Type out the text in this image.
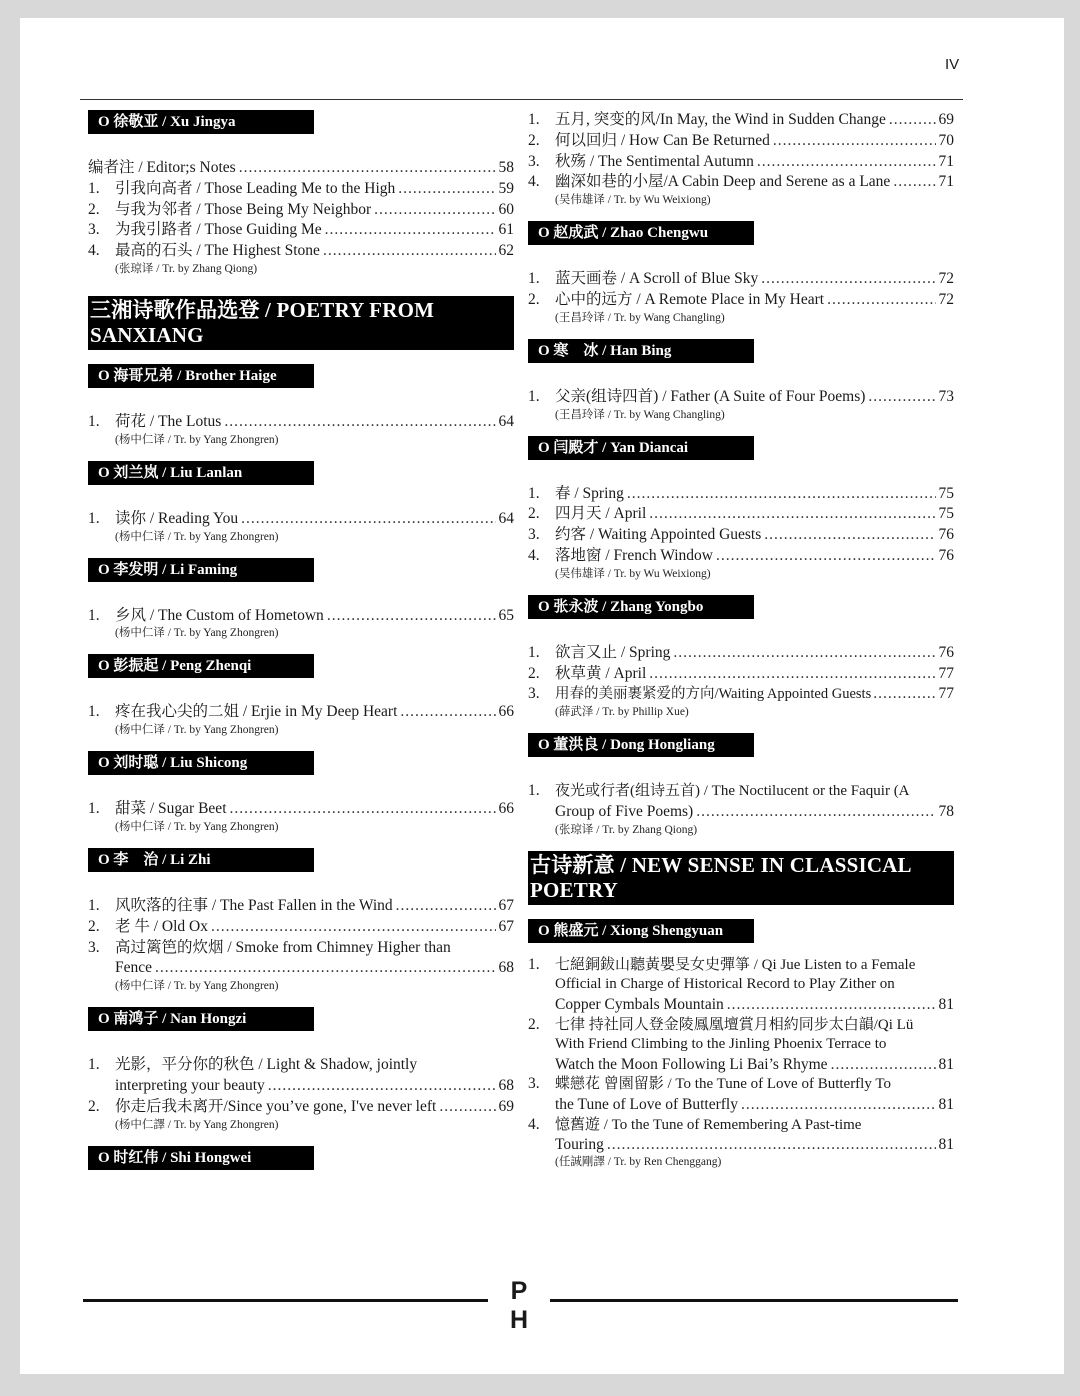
IV
O 徐敬亚 / Xu Jingya
编者注 / Editor;s Notes .....	58
1. 引我向高者 / Those Leading Me to the High .....	59
2. 与我为邻者 / Those Being My Neighbor .....	60
3. 为我引路者 / Those Guiding Me .....	61
4. 最高的石头 / The Highest Stone .....	62
(张琼译 / Tr. by Zhang Qiong)
三湘诗歌作品选登 / POETRY FROM SANXIANG
O 海哥兄弟 / Brother Haige
1. 荷花 / The Lotus .....	64
(杨中仁译 / Tr. by Yang Zhongren)
O 刘兰岚 / Liu Lanlan
1. 读你 / Reading You .....	64
(杨中仁译 / Tr. by Yang Zhongren)
O 李发明 / Li Faming
1. 乡风 / The Custom of Hometown .....	65
(杨中仁译 / Tr. by Yang Zhongren)
O 彭振起 / Peng Zhenqi
1. 疼在我心尖的二姐 / Erjie in My Deep Heart .....	66
(杨中仁译 / Tr. by Yang Zhongren)
O 刘时聪 / Liu Shicong
1. 甜菜 / Sugar Beet .....	66
(杨中仁译 / Tr. by Yang Zhongren)
O 李　治 / Li Zhi
1. 风吹落的往事 / The Past Fallen in the Wind .....	67
2. 老 牛 / Old Ox .....	67
3. 高过篱笆的炊烟 / Smoke from Chimney Higher than
Fence .....	68
(杨中仁译 / Tr. by Yang Zhongren)
O 南鸿子 / Nan Hongzi
1. 光影，平分你的秋色 / Light & Shadow, jointly
interpreting your beauty .....	68
2. 你走后我未离开/Since you’ve gone, I've never left .....	69
(杨中仁譯 / Tr. by Yang Zhongren)
O 时红伟 / Shi Hongwei
1. 五月, 突变的风/In May, the Wind in Sudden Change .....	69
2. 何以回归 / How Can Be Returned .....	70
3. 秋殇 / The Sentimental Autumn .....	71
4. 幽深如巷的小屋/A Cabin Deep and Serene as a Lane .....	71
(吴伟雄译 / Tr. by Wu Weixiong)
O 赵成武 / Zhao Chengwu
1. 蓝天画卷 / A Scroll of Blue Sky .....	72
2. 心中的远方 / A Remote Place in My Heart .....	72
(王昌玲译 / Tr. by Wang Changling)
O 寒　冰 / Han Bing
1. 父亲(组诗四首) / Father (A Suite of Four Poems) .....	73
(王昌玲译 / Tr. by Wang Changling)
O 闫殿才 / Yan Diancai
1. 春 / Spring .....	75
2. 四月天 / April .....	75
3. 约客 / Waiting Appointed Guests .....	76
4. 落地窗 / French Window .....	76
(吴伟雄译 / Tr. by Wu Weixiong)
O 张永波 / Zhang Yongbo
1. 欲言又止 / Spring .....	76
2. 秋草黄 / April .....	77
3.	用春的美丽裹紧爱的方向/Waiting Appointed Guests .....	77
(薛武泽 / Tr. by Phillip Xue)
O 董洪良 / Dong Hongliang
1.	夜光或行者(组诗五首) / The Noctilucent or the Faquir (A
Group of Five Poems) .....	78
(张琼译 / Tr. by Zhang Qiong)
古诗新意 / NEW SENSE IN CLASSICAL POETRY
O 熊盛元 / Xiong Shengyuan
1.	七絕銅鈸山聽黃嬰旻女史彈箏 / Qi Jue Listen to a Female
Official in Charge of Historical Record to Play Zither on
Copper Cymbals Mountain .....	81
2.	七律 持社同人登金陵鳳凰壇賞月相約同步太白韻/Qi Lü
With Friend Climbing to the Jinling Phoenix Terrace to
Watch the Moon Following Li Bai’s Rhyme .....	81
3.	蝶戀花 曾園留影 / To the Tune of Love of Butterfly To
the Tune of Love of Butterfly .....	81
4.	憶舊遊 / To the Tune of Remembering A Past-time
Touring .....	81
(任誠剛譯 / Tr. by Ren Chenggang)
P H
